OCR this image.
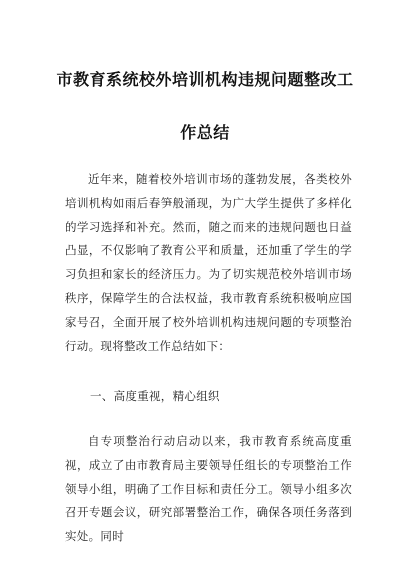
市教育系统校外培训机构违规问题整改工
作总结
近年来，随着校外培训市场的蓬勃发展，各类校外培训机构如雨后春笋般涌现，为广大学生提供了多样化的学习选择和补充。然而，随之而来的违规问题也日益凸显，不仅影响了教育公平和质量，还加重了学生的学习负担和家长的经济压力。为了切实规范校外培训市场秩序，保障学生的合法权益，我市教育系统积极响应国家号召，全面开展了校外培训机构违规问题的专项整治行动。现将整改工作总结如下：
一、高度重视，精心组织
自专项整治行动启动以来，我市教育系统高度重视，成立了由市教育局主要领导任组长的专项整治工作领导小组，明确了工作目标和责任分工。领导小组多次召开专题会议，研究部署整治工作，确保各项任务落到实处。同时
